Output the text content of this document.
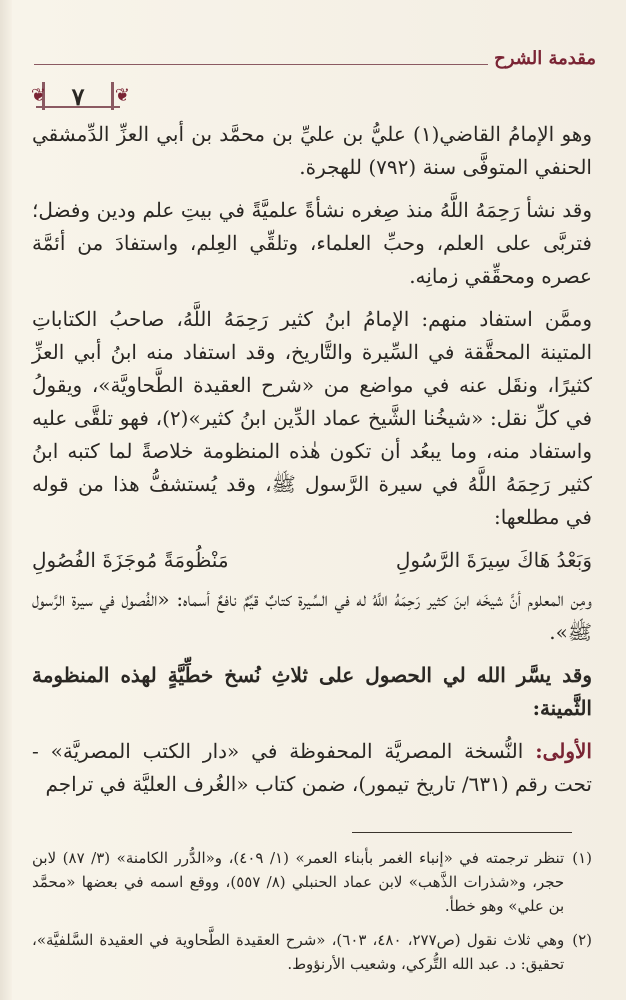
مقدمة الشرح
٧
❦	❦

وهو الإمامُ القاضي(١) عليُّ بن عليِّ بن محمَّد بن أبي العزِّ الدِّمشقي الحنفي المتوفَّى سنة (٧٩٢) للهجرة.

وقد نشأ رَحِمَهُ اللَّهُ منذ صِغره نشأةً علميَّةً في بيتِ علم ودين وفضل؛ فتربَّى على العلم، وحبِّ العلماء، وتلقِّي العِلم، واستفادَ من أئمَّة عصره ومحقِّقي زمانِه.

وممَّن استفاد منهم: الإمامُ ابنُ كثير رَحِمَهُ اللَّهُ، صاحبُ الكتاباتِ المتينة المحقَّقة في السِّيرة والتَّاريخ، وقد استفاد منه ابنُ أبي العزِّ كثيرًا، ونقَل عنه في مواضع من «شرح العقيدة الطَّحاويَّة»، ويقولُ في كلِّ نقل: «شيخُنا الشَّيخ عماد الدِّين ابنُ كثير»(٢)، فهو تلقَّى عليه واستفاد منه، وما يبعُد أن تكون هٰذه المنظومة خلاصةً لما كتبه ابنُ كثير رَحِمَهُ اللَّهُ في سيرة الرَّسول ﷺ، وقد يُستشفُّ هذا من قوله في مطلعها:

وَبَعْدُ هَاكَ سِيرَةَ الرَّسُولِ
مَنْظُومَةً مُوجَزَةَ الفُصُولِ

ومِن المعلوم أنَّ شيخَه ابنَ كثير رَحِمَهُ اللَّهُ له في السِّيرة كتابٌ قيِّمٌ نافعٌ أسماه: «الفُصول في سيرة الرَّسول ﷺ».

وقد يسَّر الله لي الحصول على ثلاثِ نُسخ خطِّيَّةٍ لهذه المنظومة الثَّمينة:

الأولى: النُّسخة المصريَّة المحفوظة في «دار الكتب المصريَّة» - تحت رقم (٦٣١/ تاريخ تيمور)، ضمن كتاب «الغُرف العليَّة في تراجم

(١)
تنظر ترجمته في «إنباء الغمر بأبناء العمر» (١/ ٤٠٩)، و«الدُّرر الكامنة» (٣/ ٨٧) لابن حجر، و«شذرات الذَّهب» لابن عماد الحنبلي (٨/ ٥٥٧)، ووقع اسمه في بعضها «محمَّد بن علي» وهو خطأ.
(٢)
وهي ثلاث نقول (ص٢٧٧، ٤٨٠، ٦٠٣)، «شرح العقيدة الطَّحاوية في العقيدة السَّلفيَّة»، تحقيق: د. عبد الله التُّركي، وشعيب الأرنؤوط.
